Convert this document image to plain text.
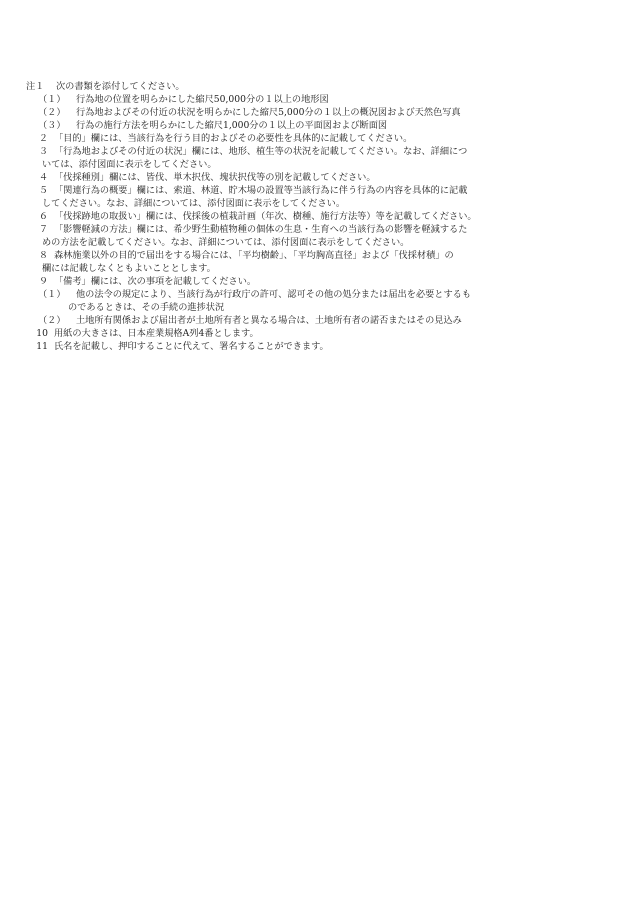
注１ 次の書類を添付してください。
（１） 行為地の位置を明らかにした縮尺50,000分の１以上の地形図
（２） 行為地およびその付近の状況を明らかにした縮尺5,000分の１以上の概況図および天然色写真
（３） 行為の施行方法を明らかにした縮尺1,000分の１以上の平面図および断面図
２ 「目的」欄には、当該行為を行う目的およびその必要性を具体的に記載してください。
３ 「行為地およびその付近の状況」欄には、地形、植生等の状況を記載してください。なお、詳細につ
いては、添付図面に表示をしてください。
４ 「伐採種別」欄には、皆伐、単木択伐、塊状択伐等の別を記載してください。
５ 「関連行為の概要」欄には、索道、林道、貯木場の設置等当該行為に伴う行為の内容を具体的に記載
してください。なお、詳細については、添付図面に表示をしてください。
６ 「伐採跡地の取扱い」欄には、伐採後の植栽計画（年次、樹種、施行方法等）等を記載してください。
７ 「影響軽減の方法」欄には、希少野生動植物種の個体の生息・生育への当該行為の影響を軽減するた
めの方法を記載してください。なお、詳細については、添付図面に表示をしてください。
８ 森林施業以外の目的で届出をする場合には、「平均樹齢」、「平均胸高直径」および「伐採材積」の
欄には記載しなくともよいこととします。
９ 「備考」欄には、次の事項を記載してください。
（１） 他の法令の規定により、当該行為が行政庁の許可、認可その他の処分または届出を必要とするも
のであるときは、その手続の進捗状況
（２） 土地所有関係および届出者が土地所有者と異なる場合は、土地所有者の諾否またはその見込み
10 用紙の大きさは、日本産業規格A列4番とします。
11 氏名を記載し、押印することに代えて、署名することができます。
